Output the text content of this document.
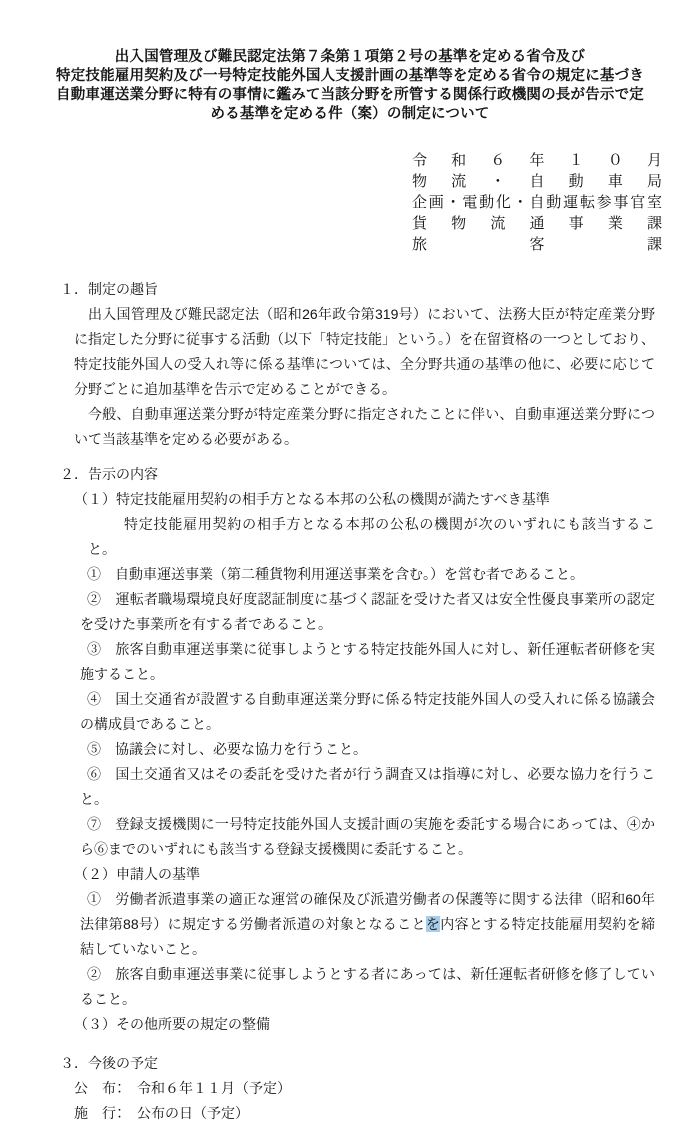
出入国管理及び難民認定法第７条第１項第２号の基準を定める省令及び
特定技能雇用契約及び一号特定技能外国人支援計画の基準等を定める省令の規定に基づき
自動車運送業分野に特有の事情に鑑みて当該分野を所管する関係行政機関の長が告示で定
める基準を定める件（案）の制定について
令和６年１０月
物流・自動車局
企画・電動化・自動運転参事官室
貨物流通事業課
旅客課

１．制定の趣旨

出入国管理及び難民認定法（昭和26年政令第319号）において、法務大臣が特定産業分野に指定した分野に従事する活動（以下「特定技能」という。）を在留資格の一つとしており、特定技能外国人の受入れ等に係る基準については、全分野共通の基準の他に、必要に応じて分野ごとに追加基準を告示で定めることができる。

今般、自動車運送業分野が特定産業分野に指定されたことに伴い、自動車運送業分野について当該基準を定める必要がある。

２．告示の内容

（１）特定技能雇用契約の相手方となる本邦の公私の機関が満たすべき基準

特定技能雇用契約の相手方となる本邦の公私の機関が次のいずれにも該当すること。

①　自動車運送事業（第二種貨物利用運送事業を含む。）を営む者であること。

②　運転者職場環境良好度認証制度に基づく認証を受けた者又は安全性優良事業所の認定を受けた事業所を有する者であること。

③　旅客自動車運送事業に従事しようとする特定技能外国人に対し、新任運転者研修を実施すること。

④　国土交通省が設置する自動車運送業分野に係る特定技能外国人の受入れに係る協議会の構成員であること。

⑤　協議会に対し、必要な協力を行うこと。

⑥　国土交通省又はその委託を受けた者が行う調査又は指導に対し、必要な協力を行うこと。

⑦　登録支援機関に一号特定技能外国人支援計画の実施を委託する場合にあっては、④から⑥までのいずれにも該当する登録支援機関に委託すること。

（２）申請人の基準

①　労働者派遣事業の適正な運営の確保及び派遣労働者の保護等に関する法律（昭和60年法律第88号）に規定する労働者派遣の対象となることを内容とする特定技能雇用契約を締結していないこと。

②　旅客自動車運送事業に従事しようとする者にあっては、新任運転者研修を修了していること。

（３）その他所要の規定の整備

３．今後の予定

公　布：　令和６年１１月（予定）

施　行：　公布の日（予定）
